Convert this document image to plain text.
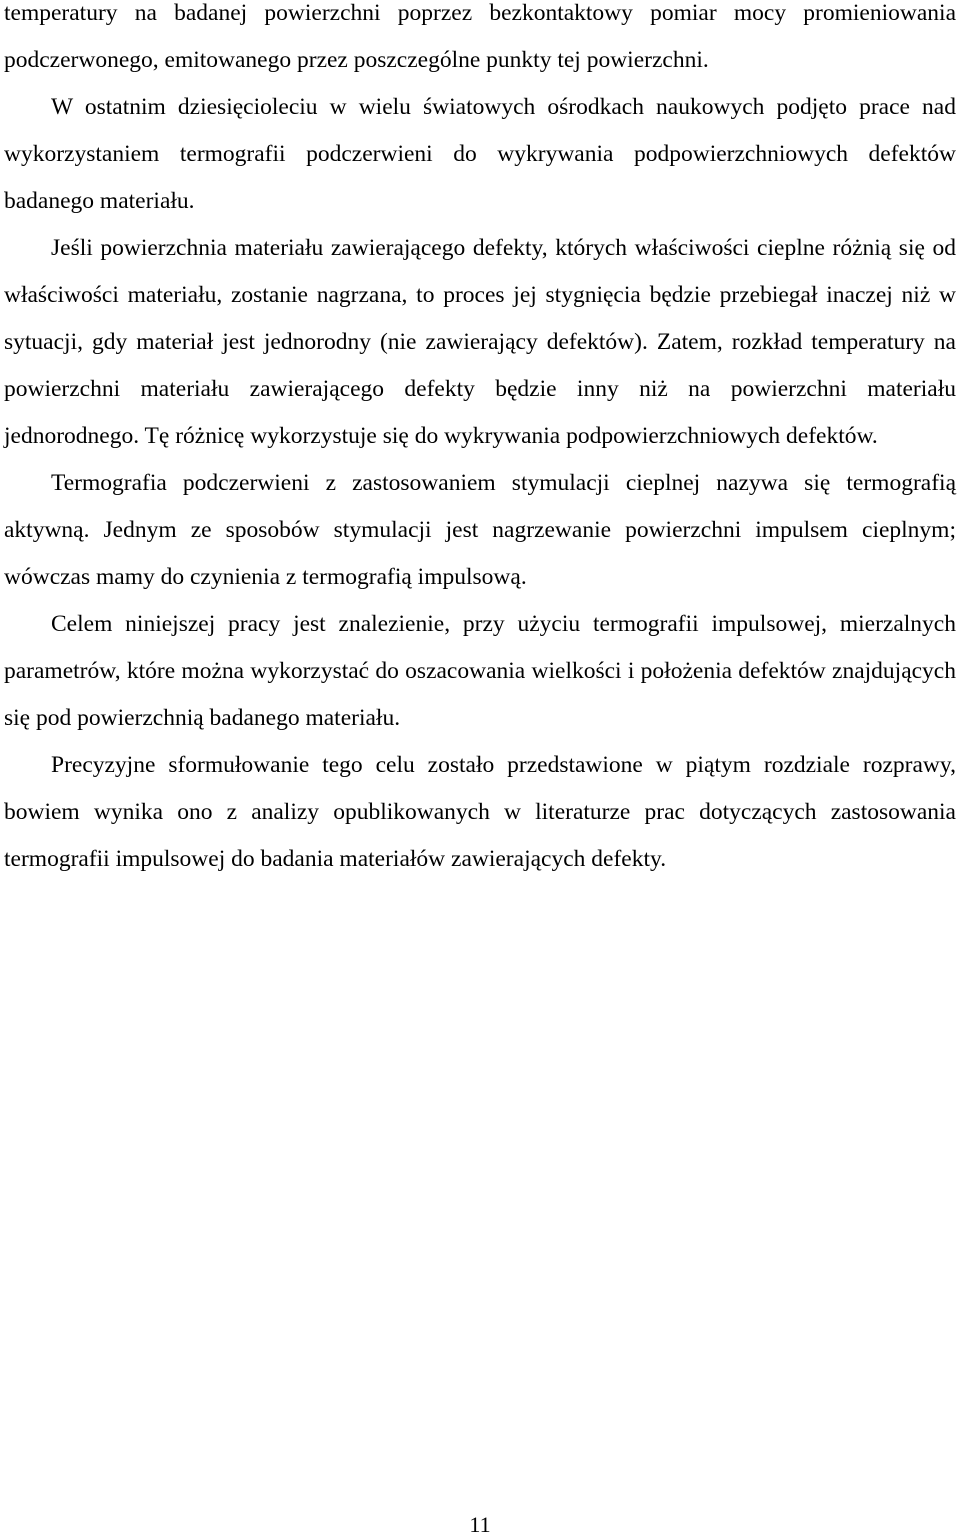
temperatury na badanej powierzchni poprzez bezkontaktowy pomiar mocy promieniowania podczerwonego, emitowanego przez poszczególne punkty tej powierzchni.

W ostatnim dziesięcioleciu w wielu światowych ośrodkach naukowych podjęto prace nad wykorzystaniem termografii podczerwieni do wykrywania podpowierzchniowych defektów badanego materiału.

Jeśli powierzchnia materiału zawierającego defekty, których właściwości cieplne różnią się od właściwości materiału, zostanie nagrzana, to proces jej stygnięcia będzie przebiegał inaczej niż w sytuacji, gdy materiał jest jednorodny (nie zawierający defektów). Zatem, rozkład temperatury na powierzchni materiału zawierającego defekty będzie inny niż na powierzchni materiału jednorodnego. Tę różnicę wykorzystuje się do wykrywania podpowierzchniowych defektów.

Termografia podczerwieni z zastosowaniem stymulacji cieplnej nazywa się termografią aktywną. Jednym ze sposobów stymulacji jest nagrzewanie powierzchni impulsem cieplnym; wówczas mamy do czynienia z termografią impulsową.

Celem niniejszej pracy jest znalezienie, przy użyciu termografii impulsowej, mierzalnych parametrów, które można wykorzystać do oszacowania wielkości i położenia defektów znajdujących się pod powierzchnią badanego materiału.

Precyzyjne sformułowanie tego celu zostało przedstawione w piątym rozdziale rozprawy, bowiem wynika ono z analizy opublikowanych w literaturze prac dotyczących zastosowania termografii impulsowej do badania materiałów zawierających defekty.

11
